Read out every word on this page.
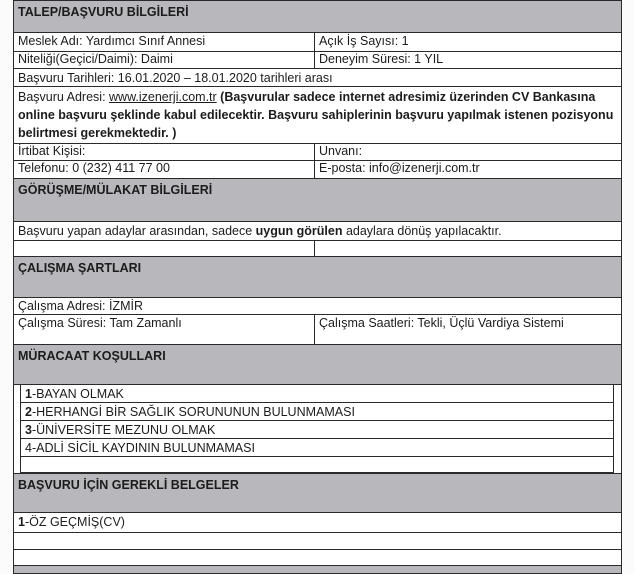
TALEP/BAŞVURU BİLGİLERİ
Meslek Adı: Yardımcı Sınıf Annesi	Açık İş Sayısı: 1
Niteliği(Geçici/Daimi): Daimi	Deneyim Süresi: 1 YIL
Başvuru Tarihleri: 16.01.2020 – 18.01.2020 tarihleri arası
Başvuru Adresi: www.izenerji.com.tr (Başvurular sadece internet adresimiz üzerinden CV Bankasına online başvuru şeklinde kabul edilecektir. Başvuru sahiplerinin başvuru yapılmak istenen pozisyonu belirtmesi gerekmektedir. )
İrtibat Kişisi:	Unvanı:
Telefonu: 0 (232) 411 77 00	E-posta: info@izenerji.com.tr
GÖRÜŞME/MÜLAKAT BİLGİLERİ
Başvuru yapan adaylar arasından, sadece uygun görülen adaylara dönüş yapılacaktır.
ÇALIŞMA ŞARTLARI
Çalışma Adresi: İZMİR
Çalışma Süresi: Tam Zamanlı	Çalışma Saatleri: Tekli, Üçlü Vardiya Sistemi
MÜRACAAT KOŞULLARI
1-BAYAN OLMAK
2-HERHANGİ BİR SAĞLIK SORUNUNUN BULUNMAMASI
3-ÜNİVERSİTE MEZUNU OLMAK
4-ADLİ SİCİL KAYDININ BULUNMAMASI
BAŞVURU İÇİN GEREKLİ BELGELER
1-ÖZ GEÇMİŞ(CV)
